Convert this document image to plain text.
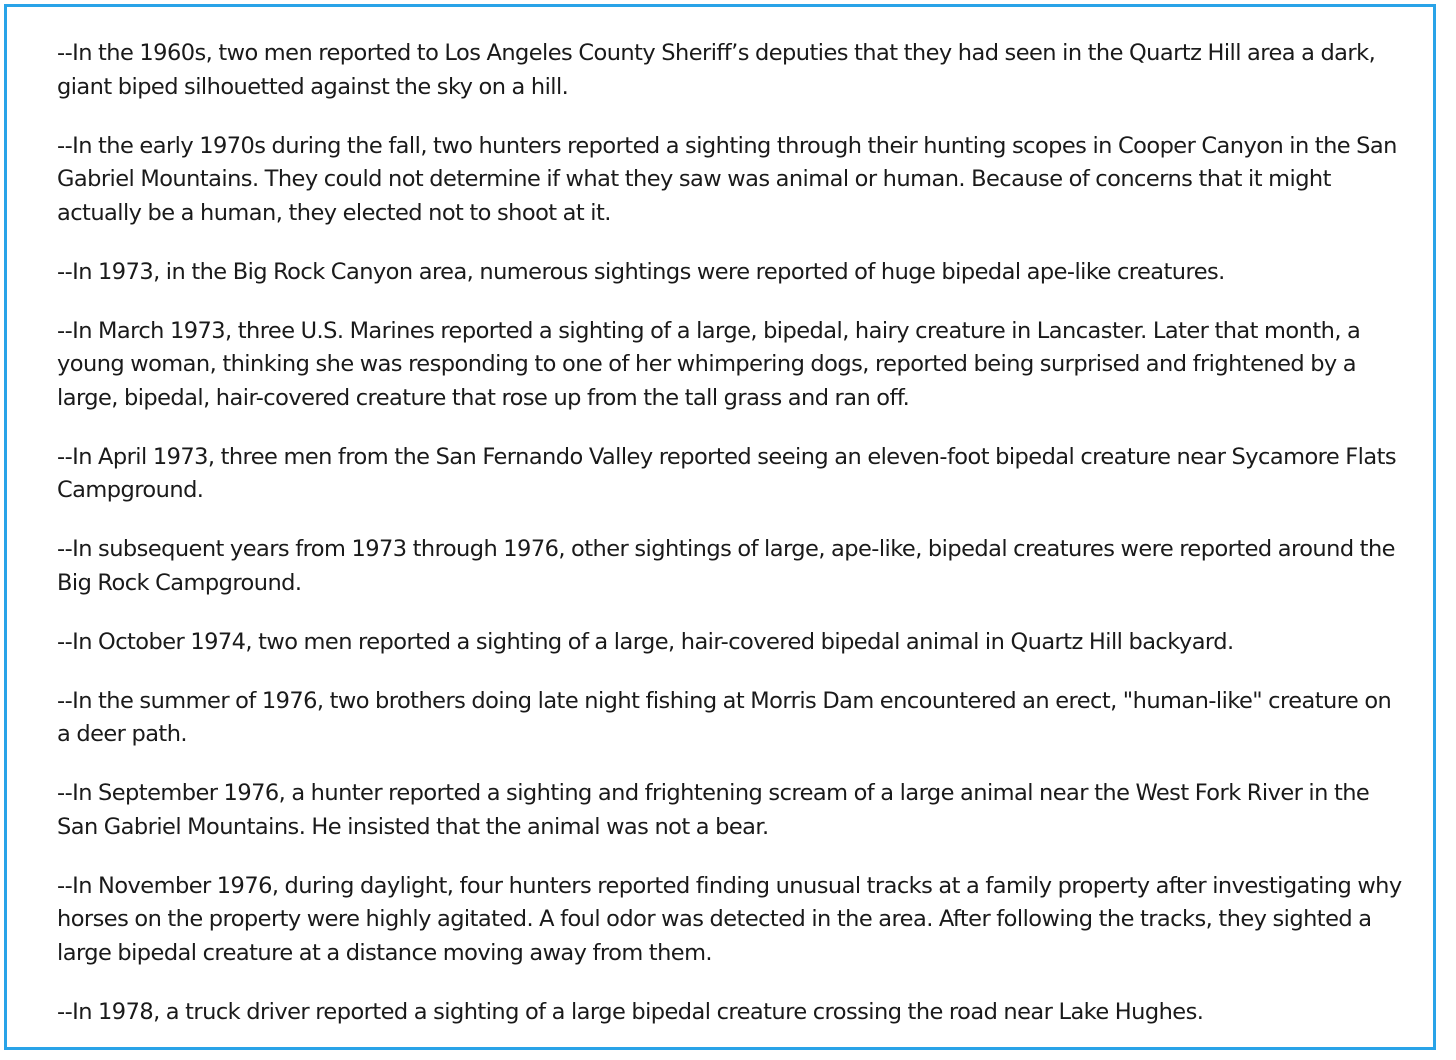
--In the 1960s, two men reported to Los Angeles County Sheriff’s deputies that they had seen in the Quartz Hill area a dark, giant biped silhouetted against the sky on a hill.

--In the early 1970s during the fall, two hunters reported a sighting through their hunting scopes in Cooper Canyon in the San Gabriel Mountains. They could not determine if what they saw was animal or human. Because of concerns that it might actually be a human, they elected not to shoot at it.

--In 1973, in the Big Rock Canyon area, numerous sightings were reported of huge bipedal ape-like creatures.

--In March 1973, three U.S. Marines reported a sighting of a large, bipedal, hairy creature in Lancaster. Later that month, a young woman, thinking she was responding to one of her whimpering dogs, reported being surprised and frightened by a large, bipedal, hair-covered creature that rose up from the tall grass and ran off.

--In April 1973, three men from the San Fernando Valley reported seeing an eleven-foot bipedal creature near Sycamore Flats Campground.

--In subsequent years from 1973 through 1976, other sightings of large, ape-like, bipedal creatures were reported around the Big Rock Campground.

--In October 1974, two men reported a sighting of a large, hair-covered bipedal animal in Quartz Hill backyard.

--In the summer of 1976, two brothers doing late night fishing at Morris Dam encountered an erect, "human-like" creature on a deer path.

--In September 1976, a hunter reported a sighting and frightening scream of a large animal near the West Fork River in the San Gabriel Mountains. He insisted that the animal was not a bear.

--In November 1976, during daylight, four hunters reported finding unusual tracks at a family property after investigating why horses on the property were highly agitated. A foul odor was detected in the area. After following the tracks, they sighted a large bipedal creature at a distance moving away from them.

--In 1978, a truck driver reported a sighting of a large bipedal creature crossing the road near Lake Hughes.
